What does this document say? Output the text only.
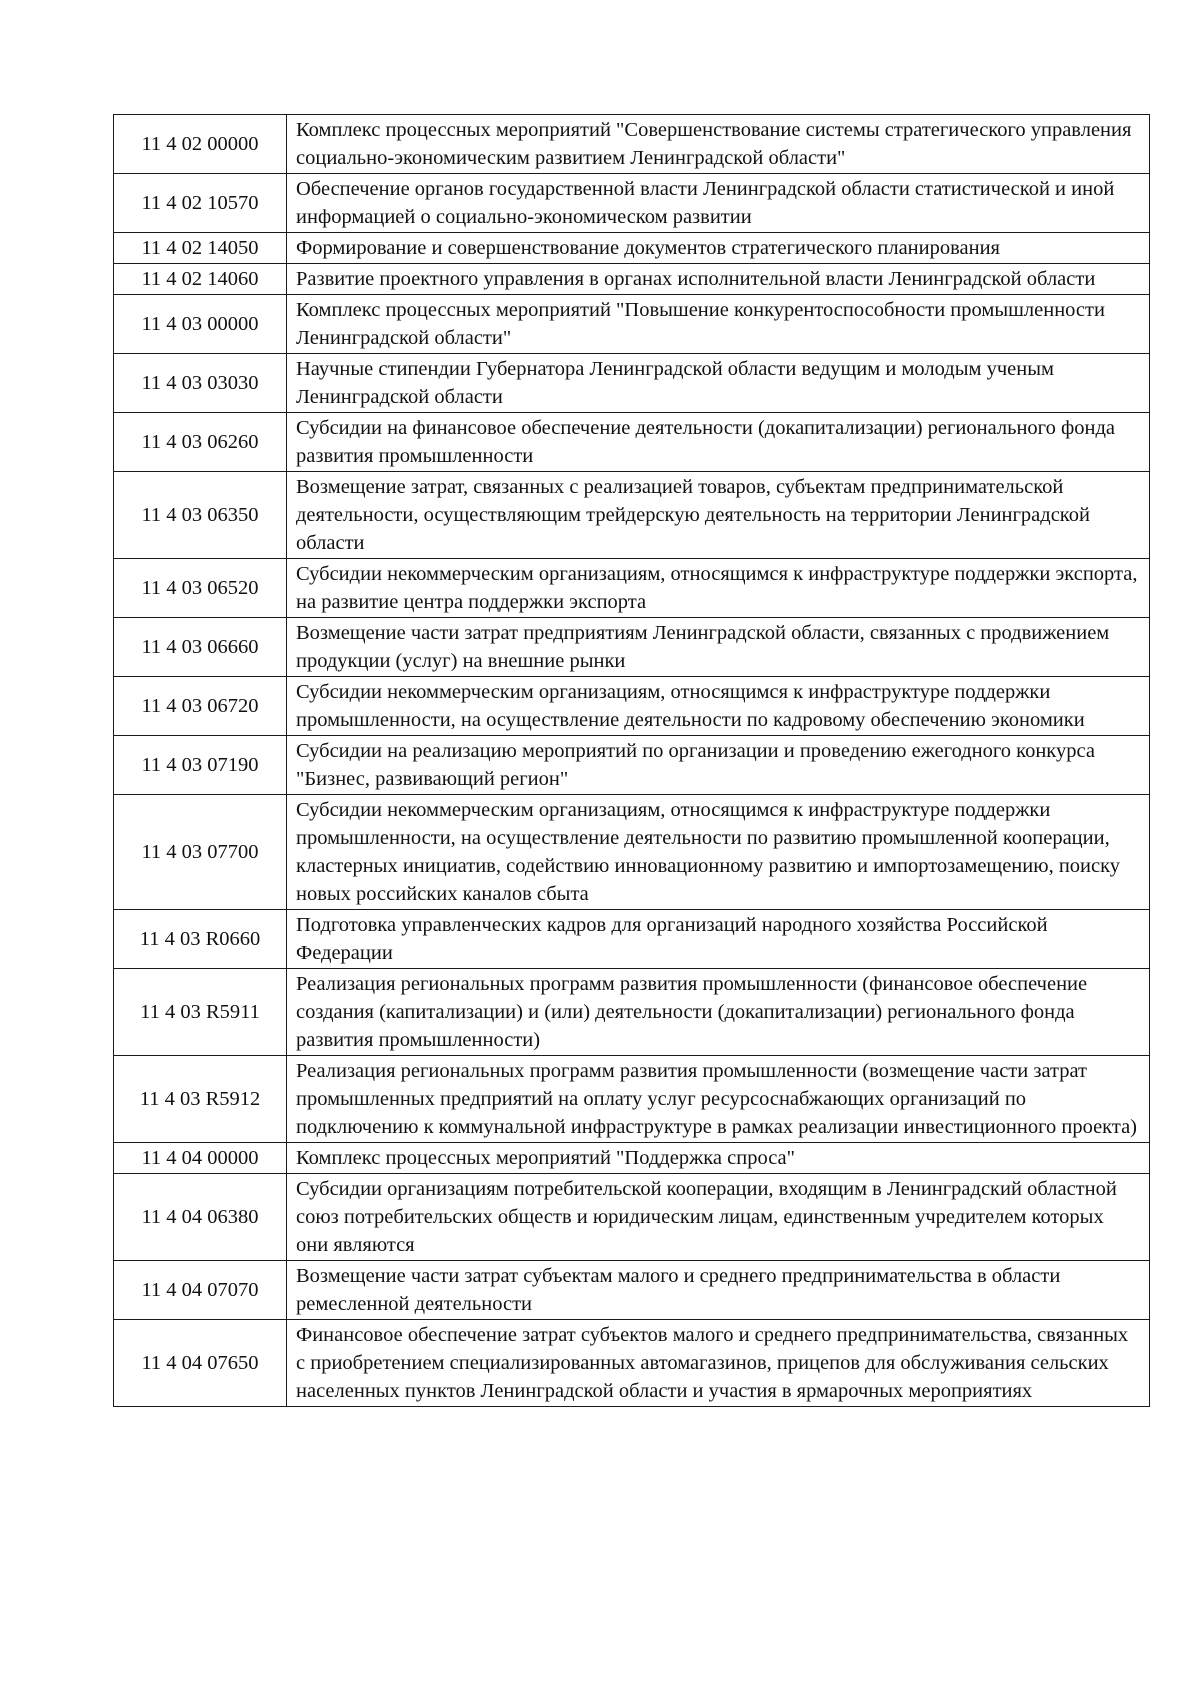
11 4 02 00000	Комплекс процессных мероприятий "Совершенствование системы стратегического управления социально-экономическим развитием Ленинградской области"
11 4 02 10570	Обеспечение органов государственной власти Ленинградской области статистической и иной информацией о социально-экономическом развитии
11 4 02 14050	Формирование и совершенствование документов стратегического планирования
11 4 02 14060	Развитие проектного управления в органах исполнительной власти Ленинградской области
11 4 03 00000	Комплекс процессных мероприятий "Повышение конкурентоспособности промышленности Ленинградской области"
11 4 03 03030	Научные стипендии Губернатора Ленинградской области ведущим и молодым ученым Ленинградской области
11 4 03 06260	Субсидии на финансовое обеспечение деятельности (докапитализации) регионального фонда развития промышленности
11 4 03 06350	Возмещение затрат, связанных с реализацией товаров, субъектам предпринимательской деятельности, осуществляющим трейдерскую деятельность на территории Ленинградской области
11 4 03 06520	Субсидии некоммерческим организациям, относящимся к инфраструктуре поддержки экспорта, на развитие центра поддержки экспорта
11 4 03 06660	Возмещение части затрат предприятиям Ленинградской области, связанных с продвижением продукции (услуг) на внешние рынки
11 4 03 06720	Субсидии некоммерческим организациям, относящимся к инфраструктуре поддержки промышленности, на осуществление деятельности по кадровому обеспечению экономики
11 4 03 07190	Субсидии на реализацию мероприятий по организации и проведению ежегодного конкурса "Бизнес, развивающий регион"
11 4 03 07700	Субсидии некоммерческим организациям, относящимся к инфраструктуре поддержки промышленности, на осуществление деятельности по развитию промышленной кооперации, кластерных инициатив, содействию инновационному развитию и импортозамещению, поиску новых российских каналов сбыта
11 4 03 R0660	Подготовка управленческих кадров для организаций народного хозяйства Российской Федерации
11 4 03 R5911	Реализация региональных программ развития промышленности (финансовое обеспечение создания (капитализации) и (или) деятельности (докапитализации) регионального фонда развития промышленности)
11 4 03 R5912	Реализация региональных программ развития промышленности (возмещение части затрат промышленных предприятий на оплату услуг ресурсоснабжающих организаций по подключению к коммунальной инфраструктуре в рамках реализации инвестиционного проекта)
11 4 04 00000	Комплекс процессных мероприятий "Поддержка спроса"
11 4 04 06380	Субсидии организациям потребительской кооперации, входящим в Ленинградский областной союз потребительских обществ и юридическим лицам, единственным учредителем которых они являются
11 4 04 07070	Возмещение части затрат субъектам малого и среднего предпринимательства в области ремесленной деятельности
11 4 04 07650	Финансовое обеспечение затрат субъектов малого и среднего предпринимательства, связанных с приобретением специализированных автомагазинов, прицепов для обслуживания сельских населенных пунктов Ленинградской области и участия в ярмарочных мероприятиях
